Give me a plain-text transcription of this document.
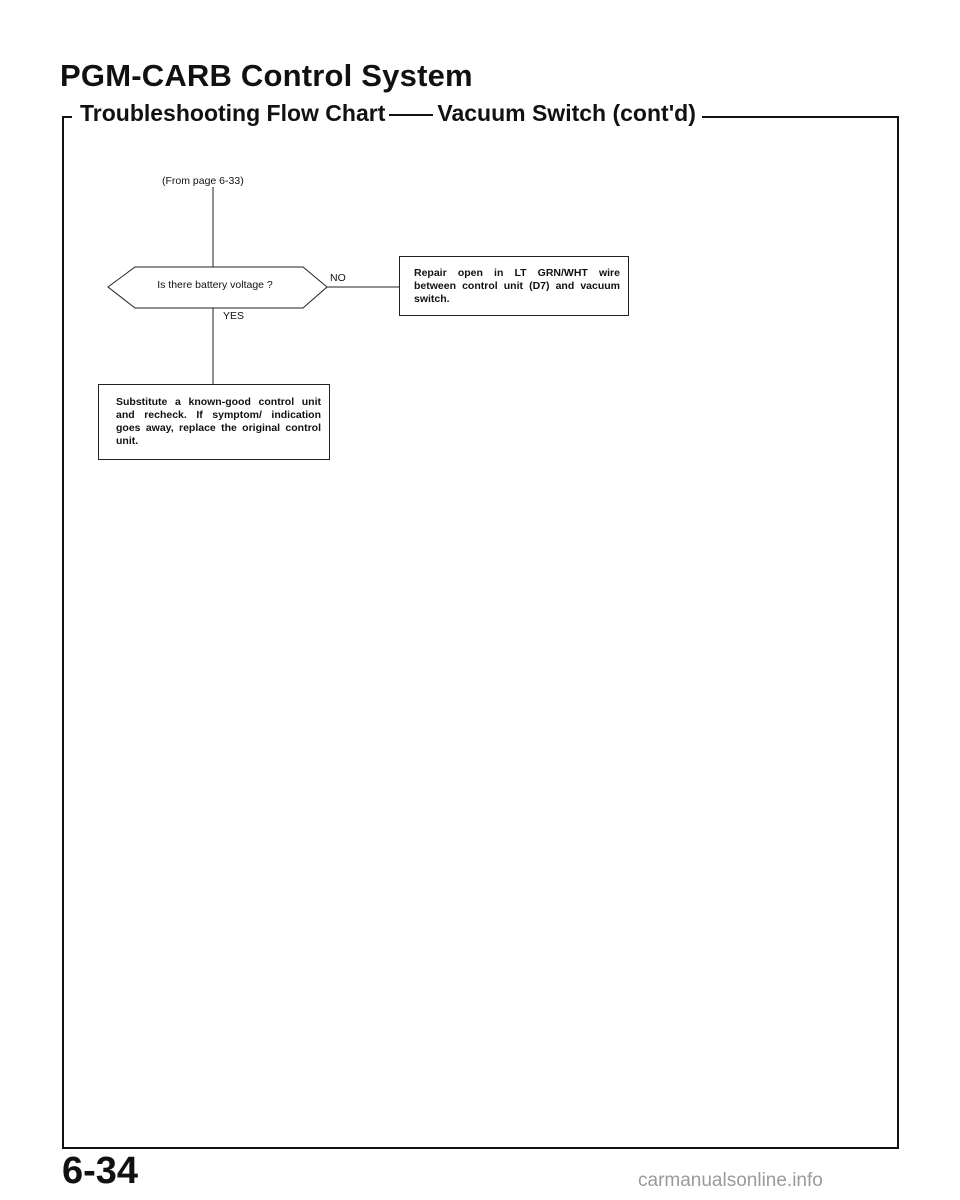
PGM-CARB Control System
Troubleshooting Flow Chart Vacuum Switch (cont'd)
(From page 6-33)
Is there battery voltage ?
NO
YES
Repair open in LT GRN/WHT wire between control unit (D7) and vacuum switch.
Substitute a known-good control unit and recheck. If symptom/ indication goes away, replace the original control unit.
6-34	carmanualsonline.info
